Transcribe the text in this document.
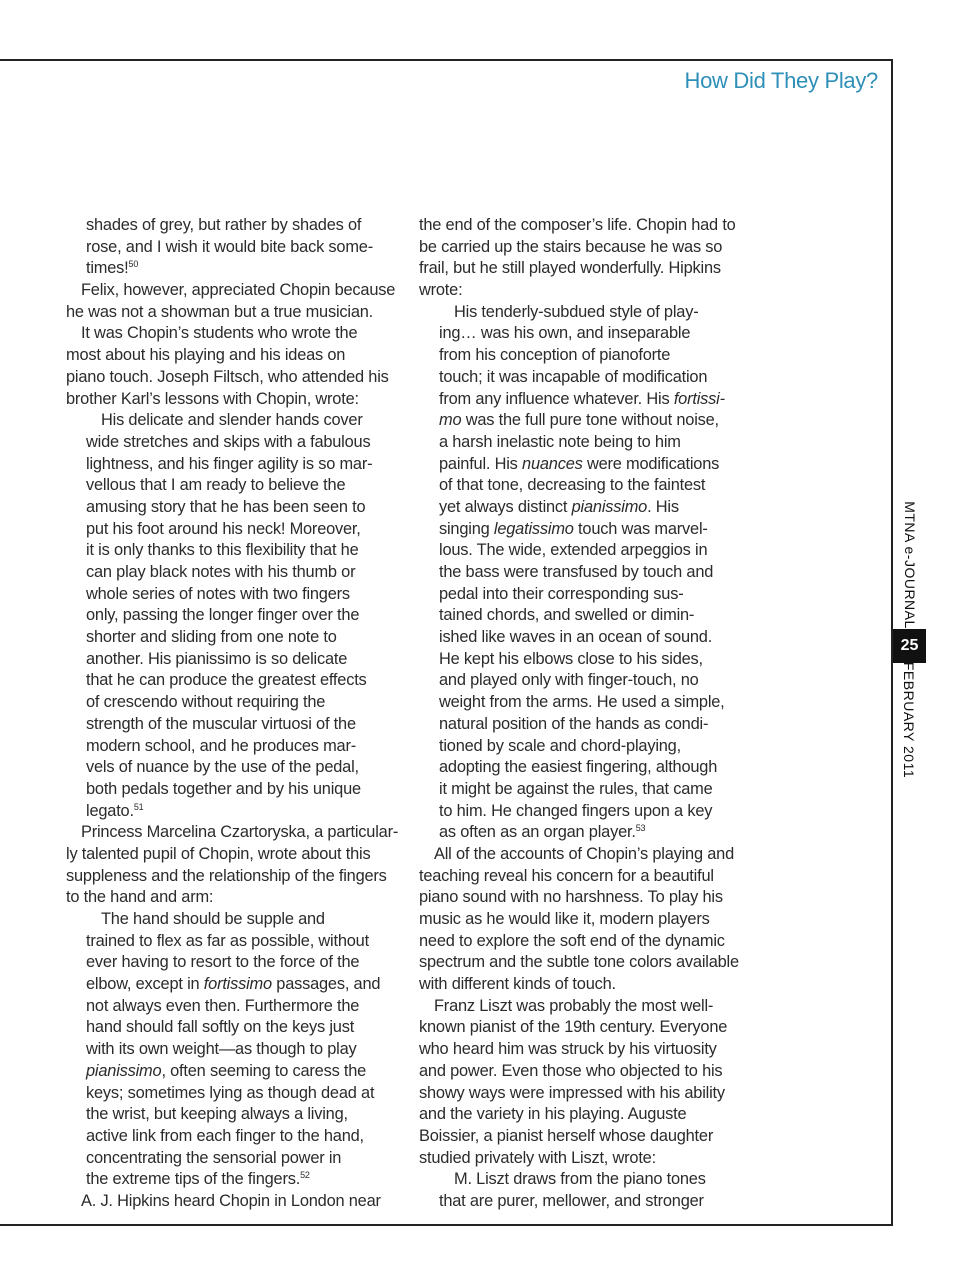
How Did They Play?
MTNA e-JOURNAL
25
FEBRUARY 2011
shades of grey, but rather by shades of
rose, and I wish it would bite back some-
times!$^{50}$
Felix, however, appreciated Chopin because
he was not a showman but a true musician.
It was Chopin’s students who wrote the
most about his playing and his ideas on
piano touch. Joseph Filtsch, who attended his
brother Karl’s lessons with Chopin, wrote:
His delicate and slender hands cover
wide stretches and skips with a fabulous
lightness, and his finger agility is so mar-
vellous that I am ready to believe the
amusing story that he has been seen to
put his foot around his neck! Moreover,
it is only thanks to this flexibility that he
can play black notes with his thumb or
whole series of notes with two fingers
only, passing the longer finger over the
shorter and sliding from one note to
another. His pianissimo is so delicate
that he can produce the greatest effects
of crescendo without requiring the
strength of the muscular virtuosi of the
modern school, and he produces mar-
vels of nuance by the use of the pedal,
both pedals together and by his unique
legato.$^{51}$
Princess Marcelina Czartoryska, a particular-
ly talented pupil of Chopin, wrote about this
suppleness and the relationship of the fingers
to the hand and arm:
The hand should be supple and
trained to flex as far as possible, without
ever having to resort to the force of the
elbow, except in fortissimo passages, and
not always even then. Furthermore the
hand should fall softly on the keys just
with its own weight—as though to play
pianissimo, often seeming to caress the
keys; sometimes lying as though dead at
the wrist, but keeping always a living,
active link from each finger to the hand,
concentrating the sensorial power in
the extreme tips of the fingers.$^{52}$
A. J. Hipkins heard Chopin in London near
the end of the composer’s life. Chopin had to
be carried up the stairs because he was so
frail, but he still played wonderfully. Hipkins
wrote:
His tenderly-subdued style of play-
ing… was his own, and inseparable
from his conception of pianoforte
touch; it was incapable of modification
from any influence whatever. His fortissi-
mo was the full pure tone without noise,
a harsh inelastic note being to him
painful. His nuances were modifications
of that tone, decreasing to the faintest
yet always distinct pianissimo. His
singing legatissimo touch was marvel-
lous. The wide, extended arpeggios in
the bass were transfused by touch and
pedal into their corresponding sus-
tained chords, and swelled or dimin-
ished like waves in an ocean of sound.
He kept his elbows close to his sides,
and played only with finger-touch, no
weight from the arms. He used a simple,
natural position of the hands as condi-
tioned by scale and chord-playing,
adopting the easiest fingering, although
it might be against the rules, that came
to him. He changed fingers upon a key
as often as an organ player.$^{53}$
All of the accounts of Chopin’s playing and
teaching reveal his concern for a beautiful
piano sound with no harshness. To play his
music as he would like it, modern players
need to explore the soft end of the dynamic
spectrum and the subtle tone colors available
with different kinds of touch.
Franz Liszt was probably the most well-
known pianist of the 19th century. Everyone
who heard him was struck by his virtuosity
and power. Even those who objected to his
showy ways were impressed with his ability
and the variety in his playing. Auguste
Boissier, a pianist herself whose daughter
studied privately with Liszt, wrote:
M. Liszt draws from the piano tones
that are purer, mellower, and stronger
